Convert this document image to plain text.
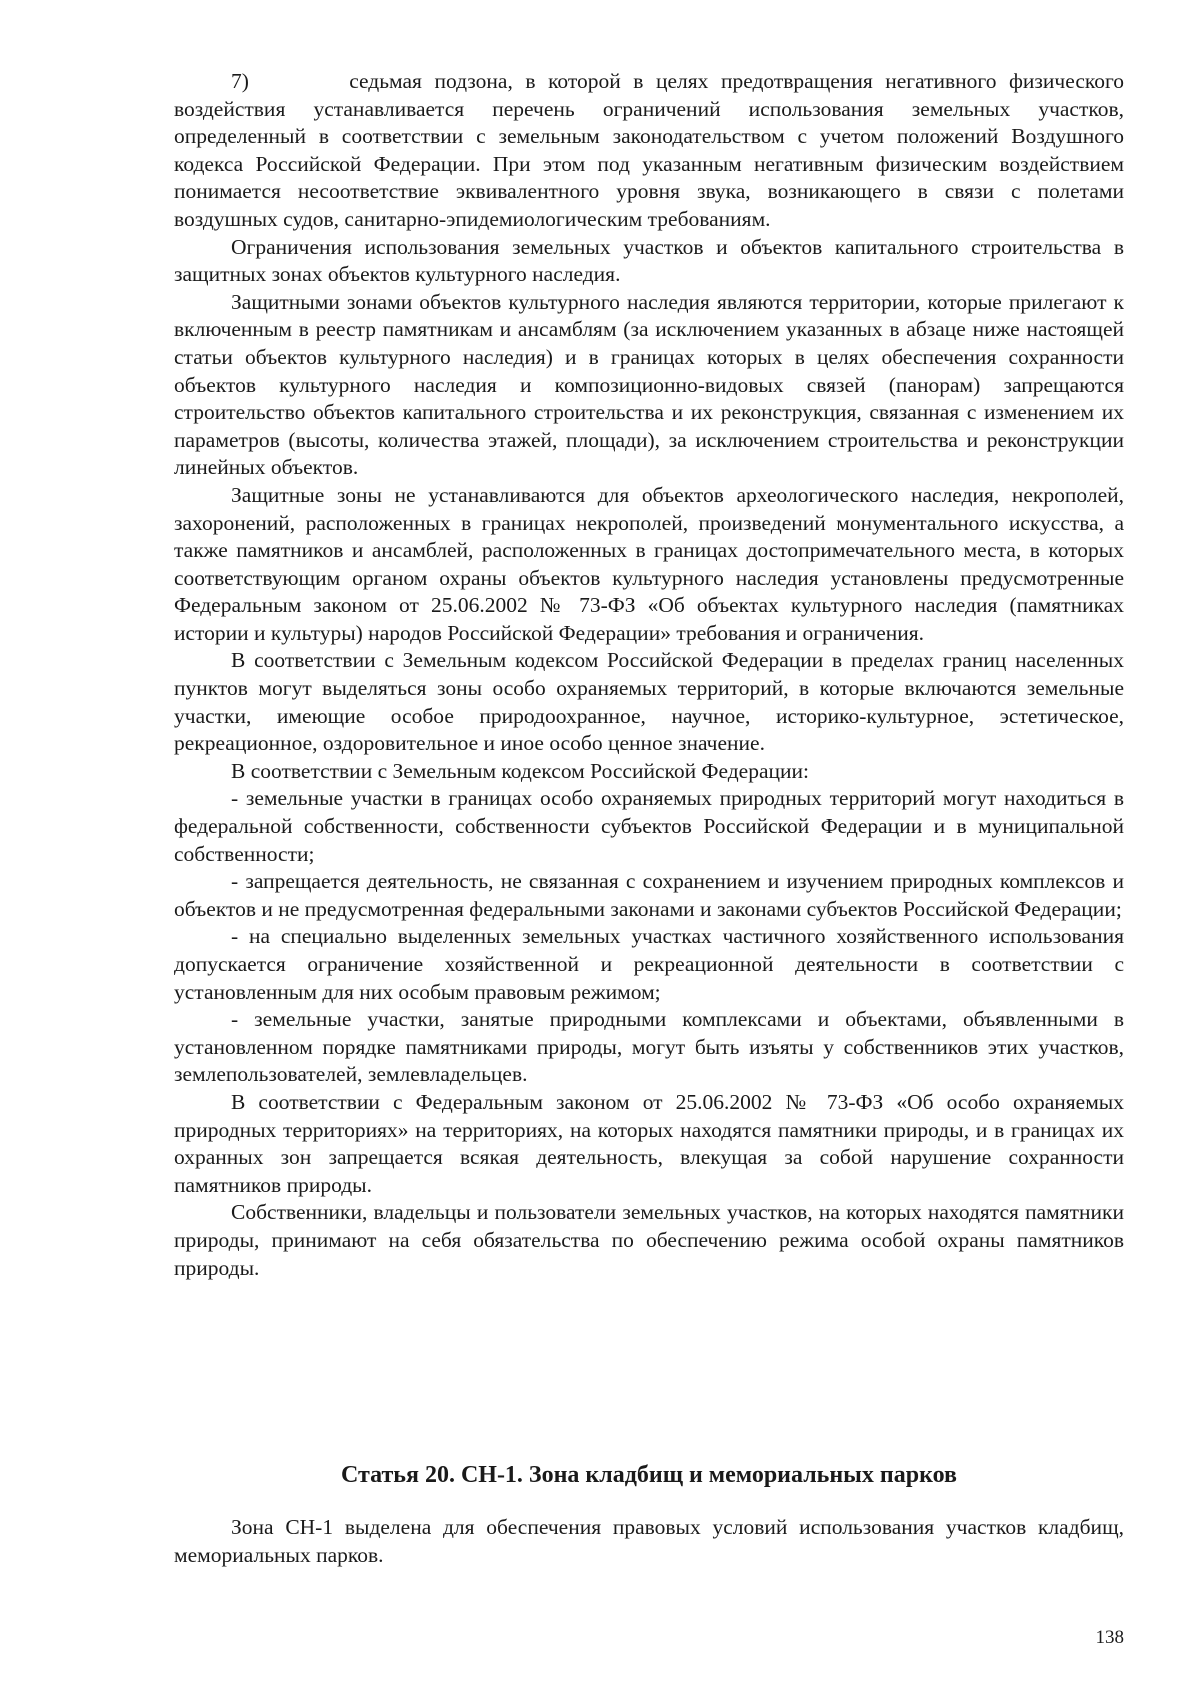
7)        седьмая подзона, в которой в целях предотвращения негативного физического воздействия устанавливается перечень ограничений использования земельных участков, определенный в соответствии с земельным законодательством с учетом положений Воздушного кодекса Российской Федерации. При этом под указанным негативным физическим воздействием понимается несоответствие эквивалентного уровня звука, возникающего в связи с полетами воздушных судов, санитарно-эпидемиологическим требованиям.

Ограничения использования земельных участков и объектов капитального строительства в защитных зонах объектов культурного наследия.

Защитными зонами объектов культурного наследия являются территории, которые прилегают к включенным в реестр памятникам и ансамблям (за исключением указанных в абзаце ниже настоящей статьи объектов культурного наследия) и в границах которых в целях обеспечения сохранности объектов культурного наследия и композиционно-видовых связей (панорам) запрещаются строительство объектов капитального строительства и их реконструкция, связанная с изменением их параметров (высоты, количества этажей, площади), за исключением строительства и реконструкции линейных объектов.

Защитные зоны не устанавливаются для объектов археологического наследия, некрополей, захоронений, расположенных в границах некрополей, произведений монументального искусства, а также памятников и ансамблей, расположенных в границах достопримечательного места, в которых соответствующим органом охраны объектов культурного наследия установлены предусмотренные Федеральным законом от 25.06.2002 № 73-ФЗ «Об объектах культурного наследия (памятниках истории и культуры) народов Российской Федерации» требования и ограничения.

В соответствии с Земельным кодексом Российской Федерации в пределах границ населенных пунктов могут выделяться зоны особо охраняемых территорий, в которые включаются земельные участки, имеющие особое природоохранное, научное, историко-культурное, эстетическое, рекреационное, оздоровительное и иное особо ценное значение.

В соответствии с Земельным кодексом Российской Федерации:

- земельные участки в границах особо охраняемых природных территорий могут находиться в федеральной собственности, собственности субъектов Российской Федерации и в муниципальной собственности;

- запрещается деятельность, не связанная с сохранением и изучением природных комплексов и объектов и не предусмотренная федеральными законами и законами субъектов Российской Федерации;

- на специально выделенных земельных участках частичного хозяйственного использования допускается ограничение хозяйственной и рекреационной деятельности в соответствии с установленным для них особым правовым режимом;

- земельные участки, занятые природными комплексами и объектами, объявленными в установленном порядке памятниками природы, могут быть изъяты у собственников этих участков, землепользователей, землевладельцев.

В соответствии с Федеральным законом от 25.06.2002 № 73-ФЗ «Об особо охраняемых природных территориях» на территориях, на которых находятся памятники природы, и в границах их охранных зон запрещается всякая деятельность, влекущая за собой нарушение сохранности памятников природы.

Собственники, владельцы и пользователи земельных участков, на которых находятся памятники природы, принимают на себя обязательства по обеспечению режима особой охраны памятников природы.

Статья 20. СН-1. Зона кладбищ и мемориальных парков

Зона СН-1 выделена для обеспечения правовых условий использования участков кладбищ, мемориальных парков.

138
